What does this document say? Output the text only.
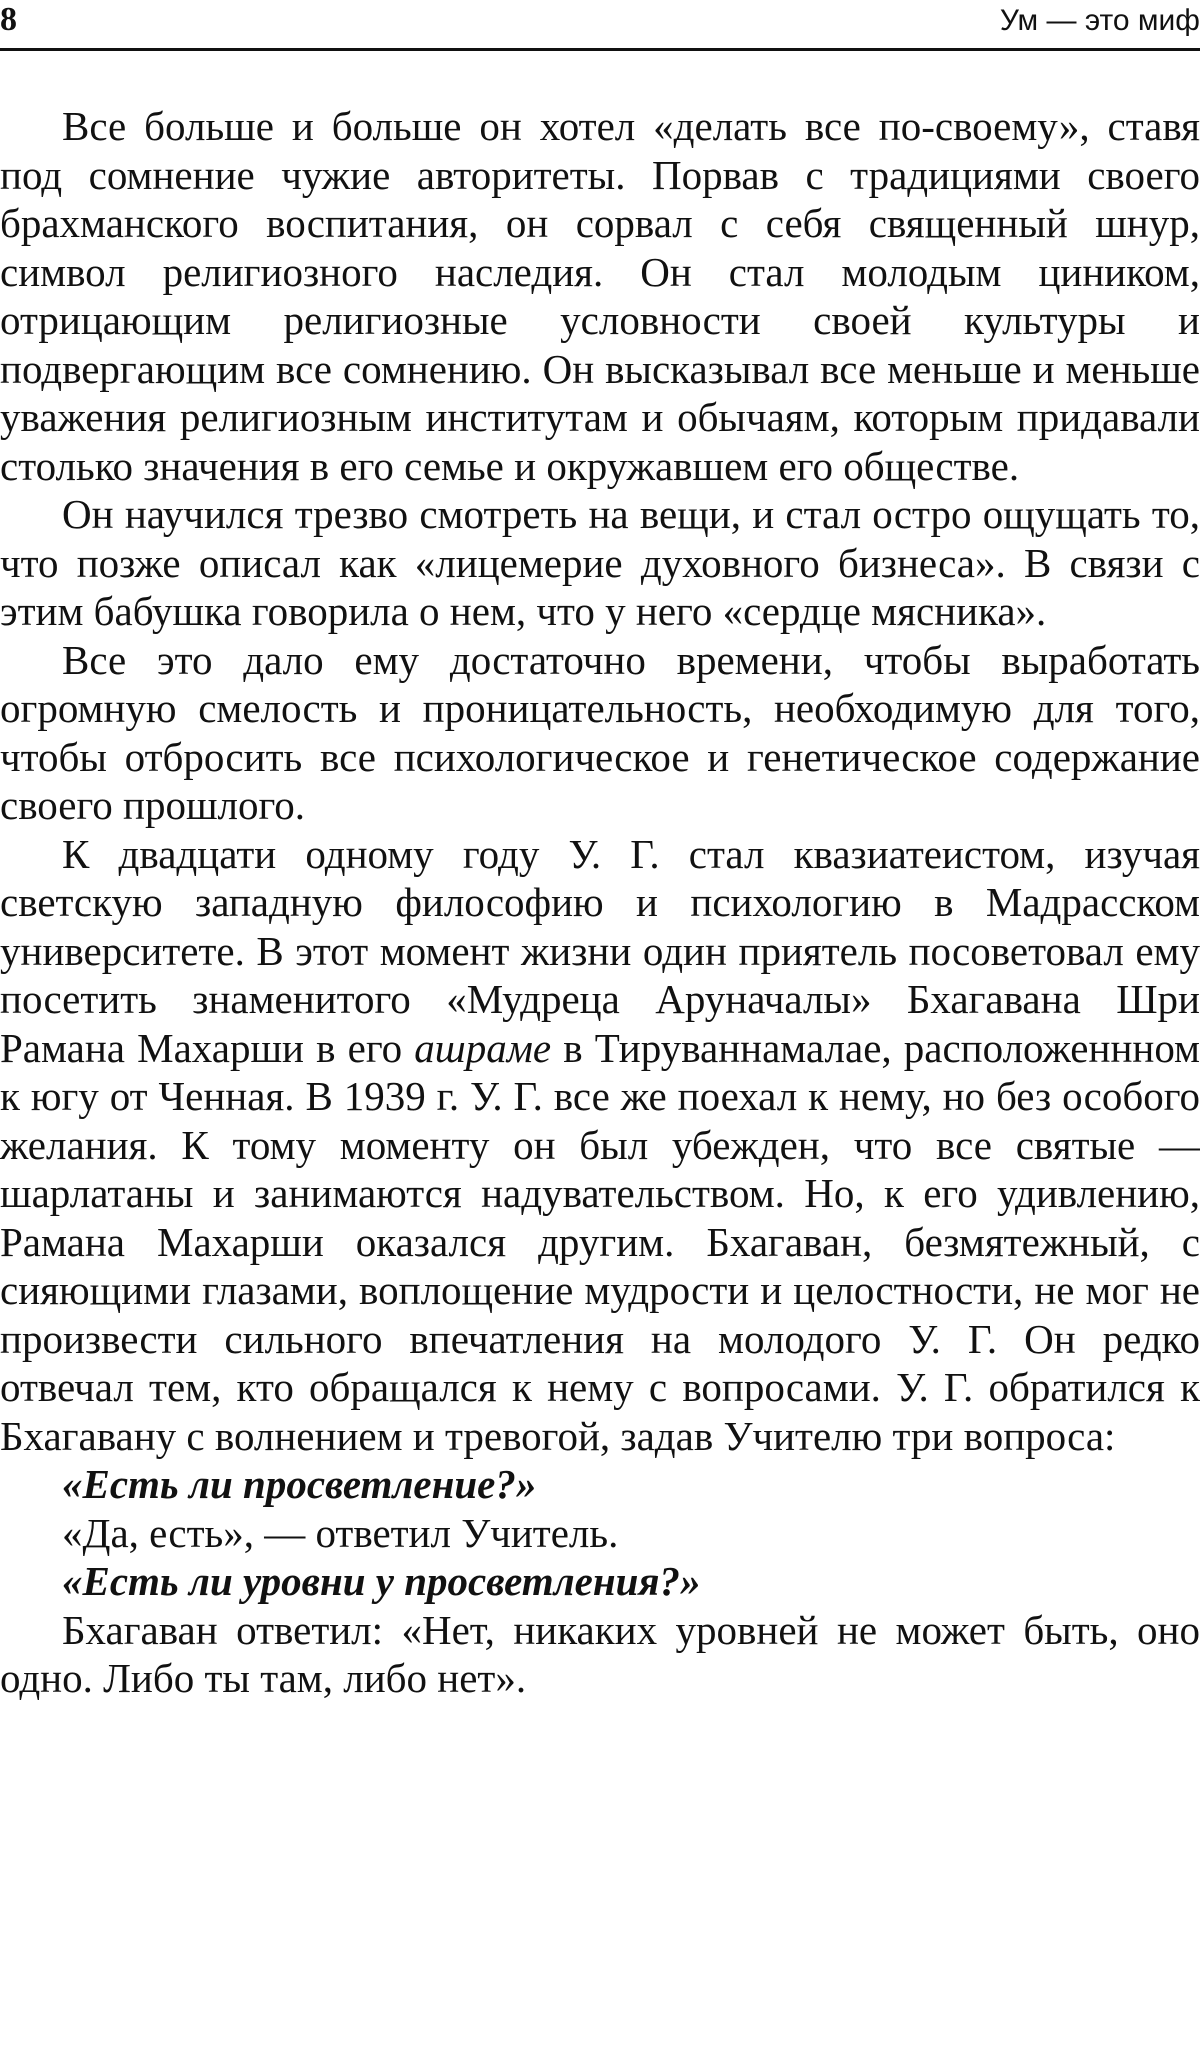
8	Ум — это миф

Все больше и больше он хотел «делать все по-своему», ставя под сомнение чужие авторитеты. Порвав с традициями своего брахманского воспитания, он сорвал с себя священный шнур, символ религиозного наследия. Он стал молодым циником, отрицающим религиозные условности своей культуры и подвергающим все сомнению. Он высказывал все меньше и меньше уважения религиозным институтам и обычаям, которым придавали столько значения в его семье и окружавшем его обществе.

Он научился трезво смотреть на вещи, и стал остро ощущать то, что позже описал как «лицемерие духовного бизнеса». В связи с этим бабушка говорила о нем, что у него «сердце мясника».

Все это дало ему достаточно времени, чтобы выработать огромную смелость и проницательность, необходимую для того, чтобы отбросить все психологическое и генетическое содержание своего прошлого.

К двадцати одному году У. Г. стал квазиатеистом, изучая светскую западную философию и психологию в Мадрасском университете. В этот момент жизни один приятель посоветовал ему посетить знаменитого «Мудреца Аруначалы» Бхагавана Шри Рамана Махарши в его ашраме в Тируваннамалае, расположеннном к югу от Ченная. В 1939 г. У. Г. все же поехал к нему, но без особого желания. К тому моменту он был убежден, что все святые — шарлатаны и занимаются надувательством. Но, к его удивлению, Рамана Махарши оказался другим. Бхагаван, безмятежный, с сияющими глазами, воплощение мудрости и целостности, не мог не произвести сильного впечатления на молодого У. Г. Он редко отвечал тем, кто обращался к нему с вопросами. У. Г. обратился к Бхагавану с волнением и тревогой, задав Учителю три вопроса:

«Есть ли просветление?»

«Да, есть», — ответил Учитель.

«Есть ли уровни у просветления?»

Бхагаван ответил: «Нет, никаких уровней не может быть, оно одно. Либо ты там, либо нет».
